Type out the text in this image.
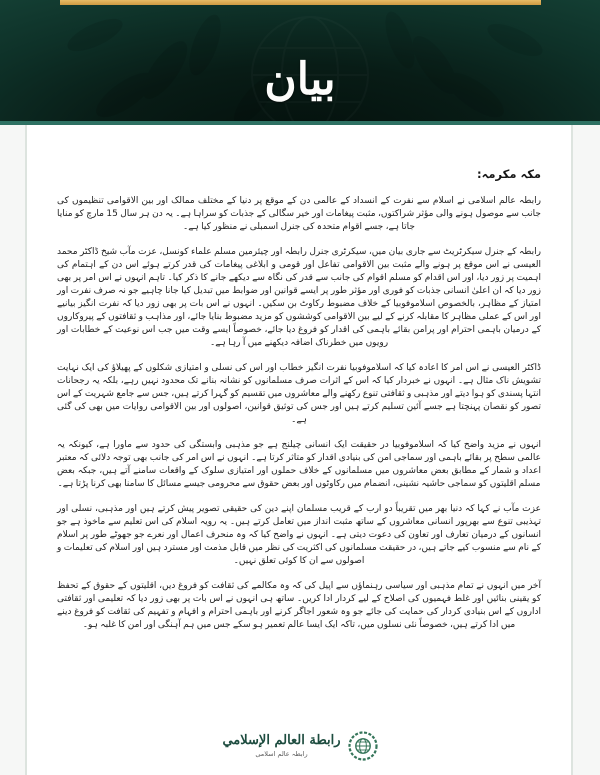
بيان

مکہ مکرمہ:

رابطہ عالم اسلامی نے اسلام سے نفرت کے انسداد کے عالمی دن کے موقع پر دنیا کے مختلف ممالک اور بین الاقوامی تنظیموں کی جانب سے موصول ہونے والی مؤثر شراکتوں، مثبت پیغامات اور خیر سگالی کے جذبات کو سراہا ہے۔ یہ دن ہر سال 15 مارچ کو منایا جاتا ہے، جسے اقوام متحدہ کی جنرل اسمبلی نے منظور کیا ہے۔

رابطہ کے جنرل سیکرٹریٹ سے جاری بیان میں، سیکرٹری جنرل رابطہ اور چیئرمین مسلم علماء کونسل، عزت مآب شیخ ڈاکٹر محمد العیسی نے اس موقع پر ہونے والے مثبت بین الاقوامی تفاعل اور قومی و ابلاغی پیغامات کی قدر کرتے ہوئے اس دن کے اہتمام کی اہمیت پر زور دیا، اور اس اقدام کو مسلم اقوام کی جانب سے قدر کی نگاہ سے دیکھے جانے کا ذکر کیا۔ تاہم انہوں نے اس امر پر بھی زور دیا کہ ان اعلیٰ انسانی جذبات کو فوری اور مؤثر طور پر ایسے قوانین اور ضوابط میں تبدیل کیا جانا چاہیے جو نہ صرف نفرت اور امتیاز کے مظاہر، بالخصوص اسلاموفوبیا کے خلاف مضبوط رکاوٹ بن سکیں۔ انہوں نے اس بات پر بھی زور دیا کہ نفرت انگیز بیانیے اور اس کے عملی مظاہر کا مقابلہ کرنے کے لیے بین الاقوامی کوششوں کو مزید مضبوط بنایا جائے، اور مذاہب و ثقافتوں کے پیروکاروں کے درمیان باہمی احترام اور پرامن بقائے باہمی کی اقدار کو فروغ دیا جائے، خصوصاً ایسے وقت میں جب اس نوعیت کے خطابات اور رویوں میں خطرناک اضافہ دیکھنے میں آ رہا ہے۔

ڈاکٹر العیسی نے اس امر کا اعادہ کیا کہ اسلاموفوبیا نفرت انگیز خطاب اور اس کی نسلی و امتیازی شکلوں کے پھیلاؤ کی ایک نہایت تشویش ناک مثال ہے۔ انہوں نے خبردار کیا کہ اس کے اثرات صرف مسلمانوں کو نشانہ بنانے تک محدود نہیں رہے، بلکہ یہ رجحانات انتہا پسندی کو ہوا دیتے اور مذہبی و ثقافتی تنوع رکھنے والے معاشروں میں تقسیم کو گہرا کرتے ہیں، جس سے جامع شہریت کے اس تصور کو نقصان پہنچتا ہے جسے آئین تسلیم کرتے ہیں اور جس کی توثیق قوانین، اصولوں اور بین الاقوامی روایات میں بھی کی گئی ہے۔

انہوں نے مزید واضح کیا کہ اسلاموفوبیا در حقیقت ایک انسانی چیلنج ہے جو مذہبی وابستگی کی حدود سے ماورا ہے، کیونکہ یہ عالمی سطح پر بقائے باہمی اور سماجی امن کی بنیادی اقدار کو متاثر کرتا ہے۔ انہوں نے اس امر کی جانب بھی توجہ دلائی کہ معتبر اعداد و شمار کے مطابق بعض معاشروں میں مسلمانوں کے خلاف حملوں اور امتیازی سلوک کے واقعات سامنے آتے ہیں، جبکہ بعض مسلم اقلیتوں کو سماجی حاشیہ نشینی، انضمام میں رکاوٹوں اور بعض حقوق سے محرومی جیسے مسائل کا سامنا بھی کرنا پڑتا ہے۔

عزت مآب نے کہا کہ دنیا بھر میں تقریباً دو ارب کے قریب مسلمان اپنے دین کی حقیقی تصویر پیش کرتے ہیں اور مذہبی، نسلی اور تہذیبی تنوع سے بھرپور انسانی معاشروں کے ساتھ مثبت انداز میں تعامل کرتے ہیں۔ یہ رویہ اسلام کی اس تعلیم سے ماخوذ ہے جو انسانوں کے درمیان تعارف اور تعاون کی دعوت دیتی ہے۔ انہوں نے واضح کیا کہ وہ منحرف اعمال اور نعرے جو جھوٹے طور پر اسلام کے نام سے منسوب کیے جاتے ہیں، در حقیقت مسلمانوں کی اکثریت کی نظر میں قابل مذمت اور مسترد ہیں اور اسلام کی تعلیمات و اصولوں سے ان کا کوئی تعلق نہیں۔

آخر میں انہوں نے تمام مذہبی اور سیاسی رہنماؤں سے اپیل کی کہ وہ مکالمے کی ثقافت کو فروغ دیں، اقلیتوں کے حقوق کے تحفظ کو یقینی بنائیں اور غلط فہمیوں کی اصلاح کے لیے کردار ادا کریں۔ ساتھ ہی انہوں نے اس بات پر بھی زور دیا کہ تعلیمی اور ثقافتی اداروں کے اس بنیادی کردار کی حمایت کی جائے جو وہ شعور اجاگر کرنے اور باہمی احترام و افہام و تفہیم کی ثقافت کو فروغ دینے میں ادا کرتے ہیں، خصوصاً نئی نسلوں میں، تاکہ ایک ایسا عالم تعمیر ہو سکے جس میں ہم آہنگی اور امن کا غلبہ ہو۔

رابطة العالم الإسلامي
رابطہ عالم اسلامی
